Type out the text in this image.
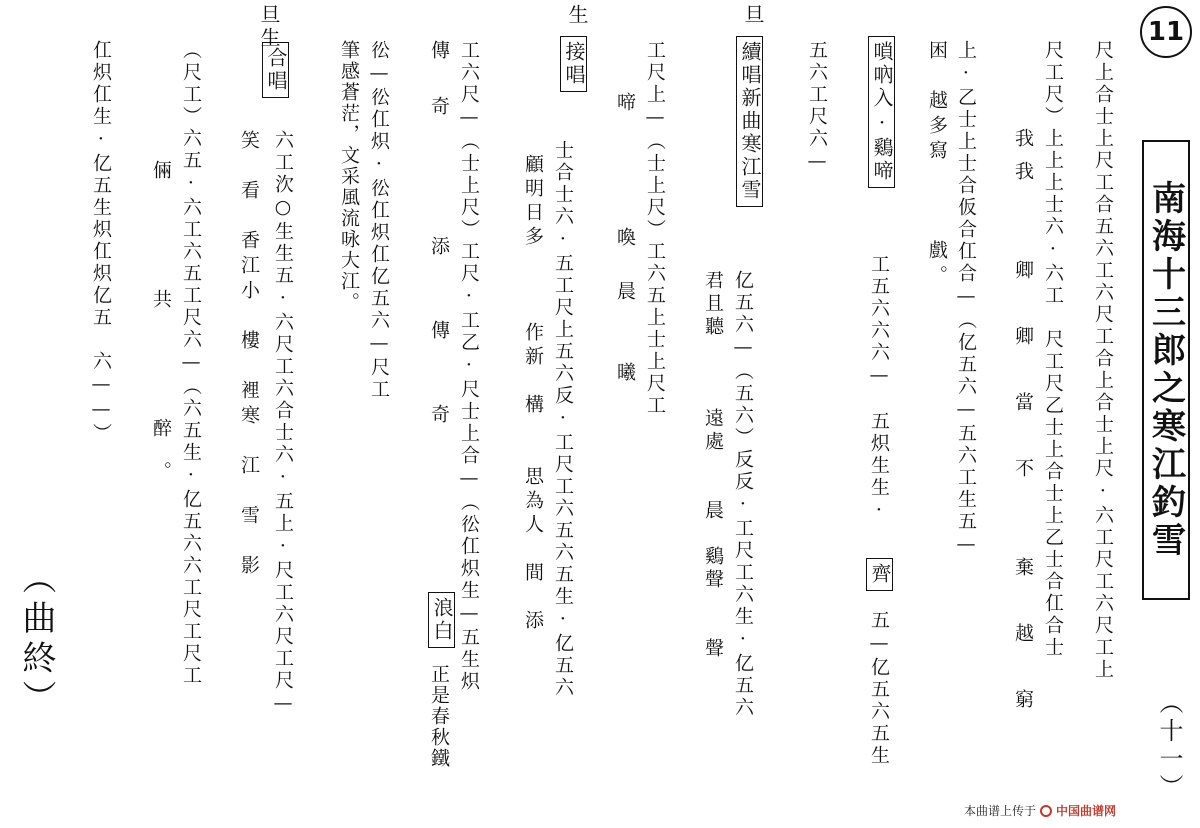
11
南海十三郎之寒江釣雪
（十一）
尺上合士上尺工合五六工六尺工合上合士上尺·六工尺工六尺工上
尺工尺）上上上士六·六工　尺工尺乙士上合士上乙士合仜合士
我我　　卿　卿　當　不　　棄　越　窮
上·乙士上士合仮合仜合—（亿五六—五六工生五—
困　越多寫　　　戲。
嗩吶入·鷄啼
工五六六六—　五炽生生·
齊
五—亿五六五生
五六工尺六—
旦
續唱新曲寒江雪
亿五六—（五六）反反·工尺工六生·亿五六
君且聽　　　遠處　　晨　鷄聲　　聲
工尺上—（士上尺）工六五上士上尺工
啼　　　　喚　晨　　曦
生
接唱
士合士六·五工尺上五六反·工尺工六五六五生·亿五六
顧明日多　　　作新　構　　思為人　間　添
工六尺—（士上尺）工尺·工乙·尺士上合—（彸仜炽生—五生炽
傳　奇　　　　添　　傳　　奇
浪白
正是春秋鐵
彸—彸仜炽·彸仜炽仜亿五六—尺工
筆感蒼茫，文采風流咏大江。
旦生
合唱
六工㳄○生生五·六尺工六合士六·五上·尺工六尺工尺—
笑　看　香江小　樓　裡寒　江　雪　影
（尺工）六五·六工六五工尺六—（六五生·亿五六六工尺工尺工
倆　　共　　醉。
仜炽仜生·亿五生炽仜炽亿五　六——）
（曲終）
本曲谱上传于 中国曲谱网
